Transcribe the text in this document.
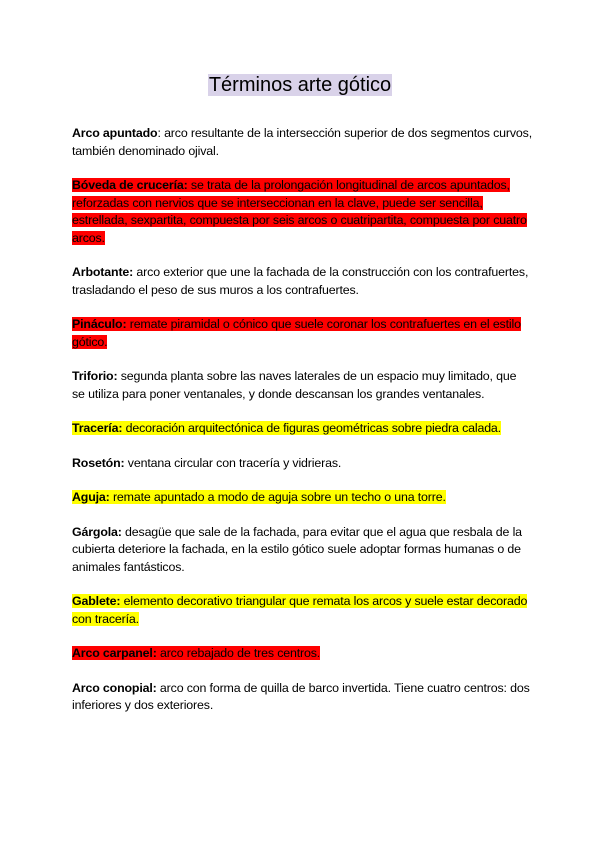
Términos arte gótico

Arco apuntado: arco resultante de la intersección superior de dos segmentos curvos, también denominado ojival.

Bóveda de crucería: se trata de la prolongación longitudinal de arcos apuntados, reforzadas con nervios que se interseccionan en la clave, puede ser sencilla, estrellada, sexpartita, compuesta por seis arcos o cuatripartita, compuesta por cuatro arcos.

Arbotante: arco exterior que une la fachada de la construcción con los contrafuertes, trasladando el peso de sus muros a los contrafuertes.

Pináculo: remate piramidal o cónico que suele coronar los contrafuertes en el estilo gótico.

Triforio: segunda planta sobre las naves laterales de un espacio muy limitado, que se utiliza para poner ventanales, y donde descansan los grandes ventanales.

Tracería: decoración arquitectónica de figuras geométricas sobre piedra calada.

Rosetón: ventana circular con tracería y vidrieras.

Aguja: remate apuntado a modo de aguja sobre un techo o una torre.

Gárgola: desagüe que sale de la fachada, para evitar que el agua que resbala de la cubierta deteriore la fachada, en la estilo gótico suele adoptar formas humanas o de animales fantásticos.

Gablete: elemento decorativo triangular que remata los arcos y suele estar decorado con tracería.

Arco carpanel: arco rebajado de tres centros.

Arco conopial: arco con forma de quilla de barco invertida. Tiene cuatro centros: dos inferiores y dos exteriores.
